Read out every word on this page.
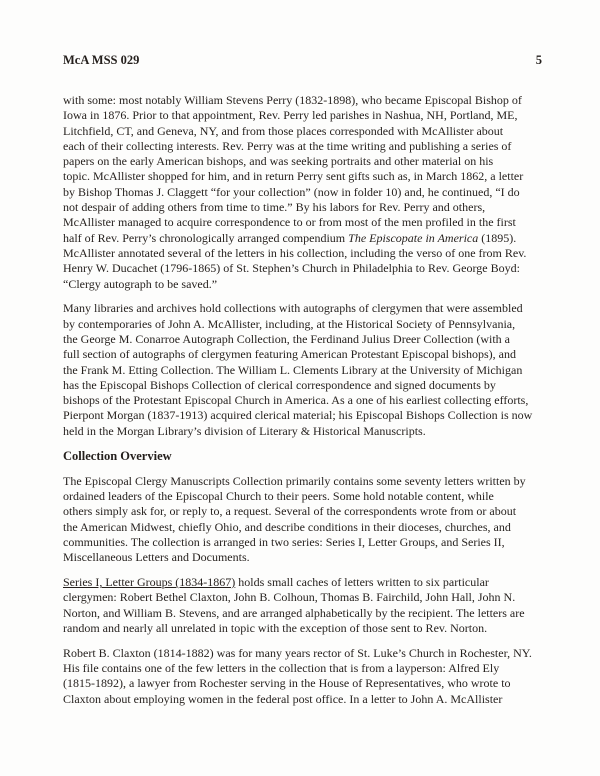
McA MSS 029	5
with some: most notably William Stevens Perry (1832-1898), who became Episcopal Bishop of
Iowa in 1876. Prior to that appointment, Rev. Perry led parishes in Nashua, NH, Portland, ME,
Litchfield, CT, and Geneva, NY, and from those places corresponded with McAllister about
each of their collecting interests. Rev. Perry was at the time writing and publishing a series of
papers on the early American bishops, and was seeking portraits and other material on his
topic. McAllister shopped for him, and in return Perry sent gifts such as, in March 1862, a letter
by Bishop Thomas J. Claggett “for your collection” (now in folder 10) and, he continued, “I do
not despair of adding others from time to time.” By his labors for Rev. Perry and others,
McAllister managed to acquire correspondence to or from most of the men profiled in the first
half of Rev. Perry’s chronologically arranged compendium The Episcopate in America (1895).
McAllister annotated several of the letters in his collection, including the verso of one from Rev.
Henry W. Ducachet (1796-1865) of St. Stephen’s Church in Philadelphia to Rev. George Boyd:
“Clergy autograph to be saved.”
Many libraries and archives hold collections with autographs of clergymen that were assembled
by contemporaries of John A. McAllister, including, at the Historical Society of Pennsylvania,
the George M. Conarroe Autograph Collection, the Ferdinand Julius Dreer Collection (with a
full section of autographs of clergymen featuring American Protestant Episcopal bishops), and
the Frank M. Etting Collection. The William L. Clements Library at the University of Michigan
has the Episcopal Bishops Collection of clerical correspondence and signed documents by
bishops of the Protestant Episcopal Church in America. As a one of his earliest collecting efforts,
Pierpont Morgan (1837-1913) acquired clerical material; his Episcopal Bishops Collection is now
held in the Morgan Library’s division of Literary & Historical Manuscripts.
Collection Overview
The Episcopal Clergy Manuscripts Collection primarily contains some seventy letters written by
ordained leaders of the Episcopal Church to their peers. Some hold notable content, while
others simply ask for, or reply to, a request. Several of the correspondents wrote from or about
the American Midwest, chiefly Ohio, and describe conditions in their dioceses, churches, and
communities. The collection is arranged in two series: Series I, Letter Groups, and Series II,
Miscellaneous Letters and Documents.
Series I, Letter Groups (1834-1867) holds small caches of letters written to six particular
clergymen: Robert Bethel Claxton, John B. Colhoun, Thomas B. Fairchild, John Hall, John N.
Norton, and William B. Stevens, and are arranged alphabetically by the recipient. The letters are
random and nearly all unrelated in topic with the exception of those sent to Rev. Norton.
Robert B. Claxton (1814-1882) was for many years rector of St. Luke’s Church in Rochester, NY.
His file contains one of the few letters in the collection that is from a layperson: Alfred Ely
(1815-1892), a lawyer from Rochester serving in the House of Representatives, who wrote to
Claxton about employing women in the federal post office. In a letter to John A. McAllister
